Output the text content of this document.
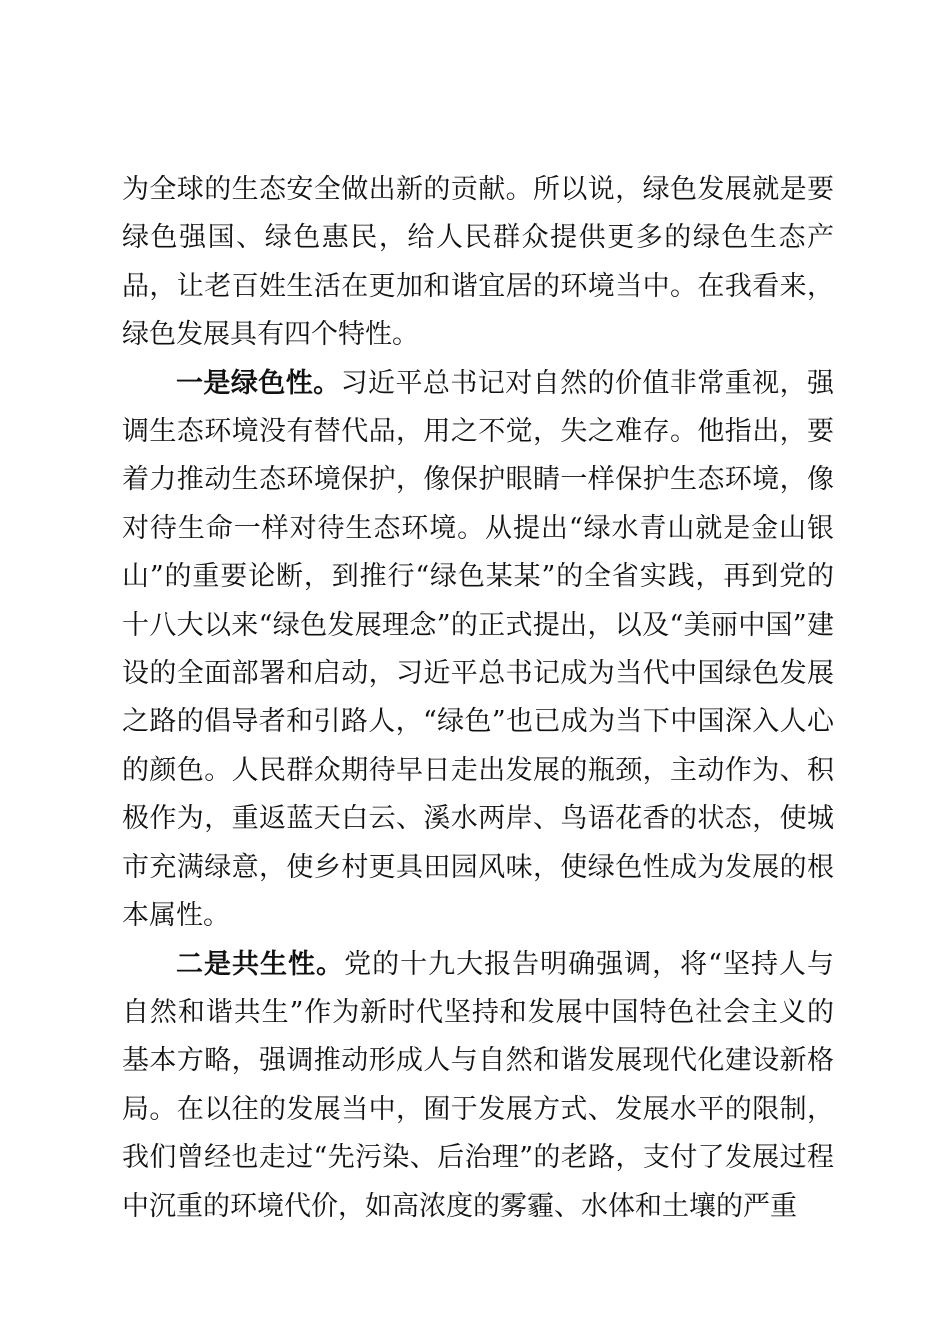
为全球的生态安全做出新的贡献。所以说，绿色发展就是要绿色强国、绿色惠民，给人民群众提供更多的绿色生态产品，让老百姓生活在更加和谐宜居的环境当中。在我看来，绿色发展具有四个特性。

一是绿色性。习近平总书记对自然的价值非常重视，强调生态环境没有替代品，用之不觉，失之难存。他指出，要着力推动生态环境保护，像保护眼睛一样保护生态环境，像对待生命一样对待生态环境。从提出“绿水青山就是金山银山”的重要论断，到推行“绿色某某”的全省实践，再到党的十八大以来“绿色发展理念”的正式提出，以及“美丽中国”建设的全面部署和启动，习近平总书记成为当代中国绿色发展之路的倡导者和引路人，“绿色”也已成为当下中国深入人心的颜色。人民群众期待早日走出发展的瓶颈，主动作为、积极作为，重返蓝天白云、溪水两岸、鸟语花香的状态，使城市充满绿意，使乡村更具田园风味，使绿色性成为发展的根本属性。

二是共生性。党的十九大报告明确强调，将“坚持人与自然和谐共生”作为新时代坚持和发展中国特色社会主义的基本方略，强调推动形成人与自然和谐发展现代化建设新格局。在以往的发展当中，囿于发展方式、发展水平的限制，我们曾经也走过“先污染、后治理”的老路，支付了发展过程中沉重的环境代价，如高浓度的雾霾、水体和土壤的严重
